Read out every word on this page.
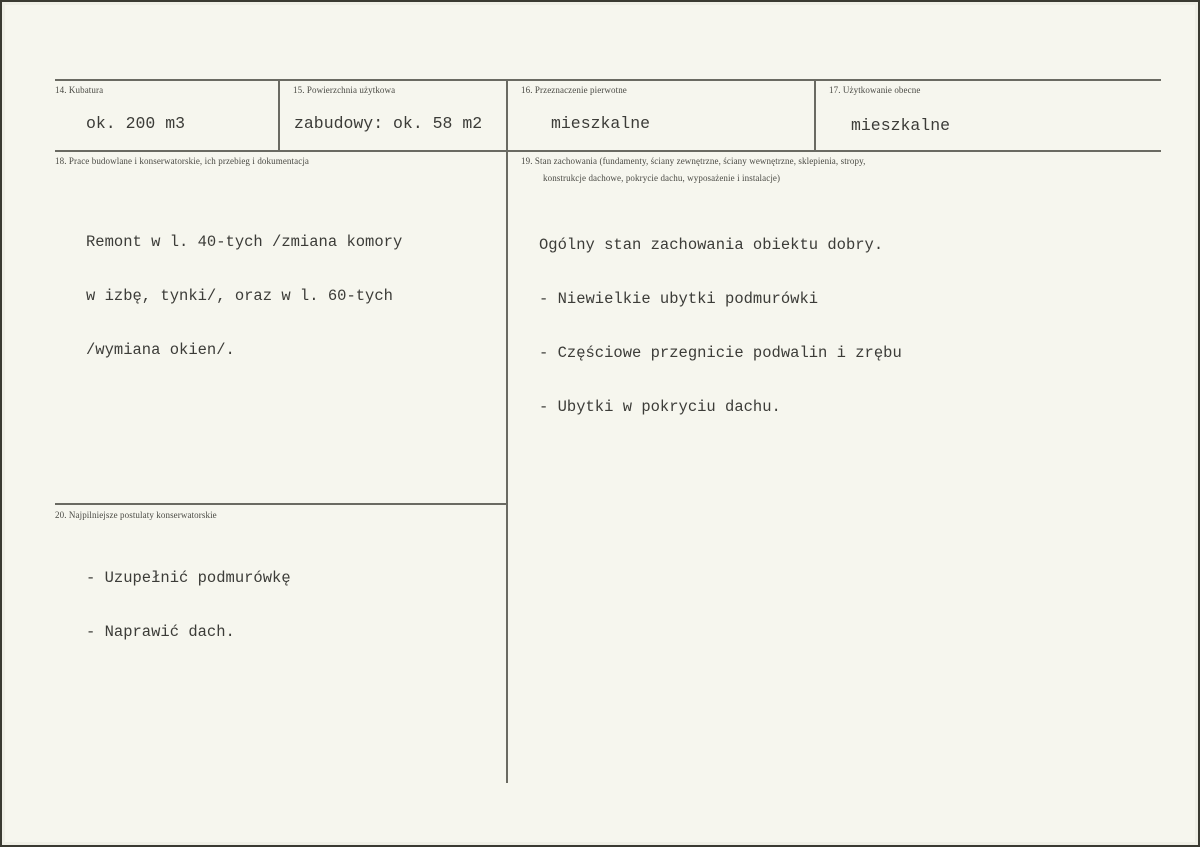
14. Kubatura
ok. 200 m3
15. Powierzchnia użytkowa
zabudowy: ok. 58 m2
16. Przeznaczenie pierwotne
mieszkalne
17. Użytkowanie obecne
mieszkalne
18. Prace budowlane i konserwatorskie, ich przebieg i dokumentacja

Remont w l. 40-tych /zmiana komory

w izbę, tynki/, oraz w l. 60-tych

/wymiana okien/.

19. Stan zachowania (fundamenty, ściany zewnętrzne, ściany wewnętrzne, sklepienia, stropy,
konstrukcje dachowe, pokrycie dachu, wyposażenie i instalacje)

Ogólny stan zachowania obiektu dobry.

- Niewielkie ubytki podmurówki

- Częściowe przegnicie podwalin i zrębu

- Ubytki w pokryciu dachu.

20. Najpilniejsze postulaty konserwatorskie

- Uzupełnić podmurówkę

- Naprawić dach.
